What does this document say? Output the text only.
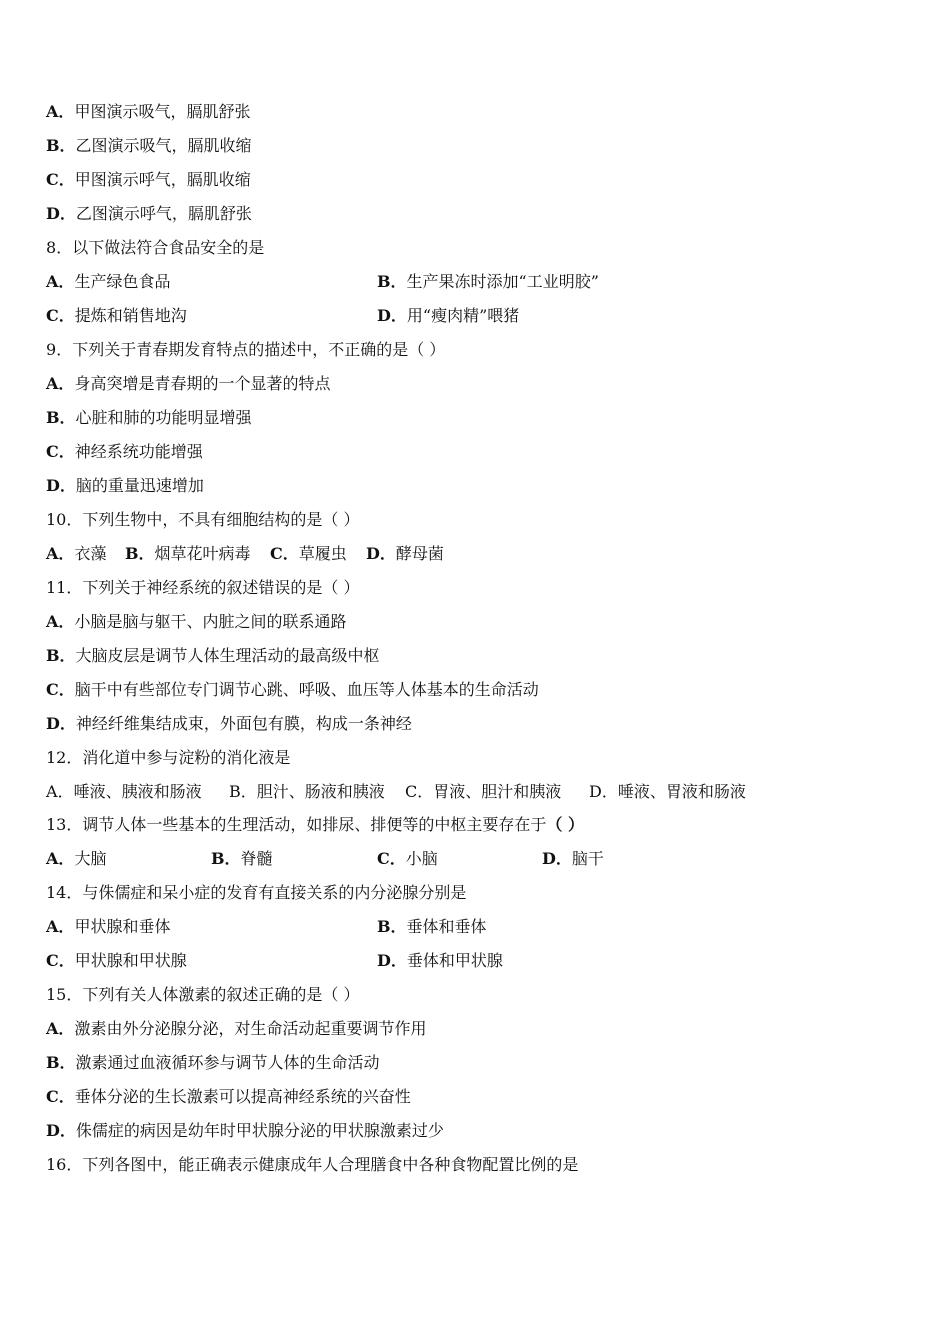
A．甲图演示吸气，膈肌舒张
B．乙图演示吸气，膈肌收缩
C．甲图演示呼气，膈肌收缩
D．乙图演示呼气，膈肌舒张
8．以下做法符合食品安全的是
A．生产绿色食品	B．生产果冻时添加“工业明胶”
C．提炼和销售地沟	D．用“瘦肉精”喂猪
9．下列关于青春期发育特点的描述中，不正确的是（ ）
A．身高突增是青春期的一个显著的特点
B．心脏和肺的功能明显增强
C．神经系统功能增强
D．脑的重量迅速增加
10．下列生物中，不具有细胞结构的是（ ）
A．衣藻 B．烟草花叶病毒 C．草履虫 D．酵母菌
11．下列关于神经系统的叙述错误的是（ ）
A．小脑是脑与躯干、内脏之间的联系通路
B．大脑皮层是调节人体生理活动的最高级中枢
C．脑干中有些部位专门调节心跳、呼吸、血压等人体基本的生命活动
D．神经纤维集结成束，外面包有膜，构成一条神经
12．消化道中参与淀粉的消化液是
A．唾液、胰液和肠液 B．胆汁、肠液和胰液 C．胃液、胆汁和胰液 D．唾液、胃液和肠液
13．调节人体一些基本的生理活动，如排尿、排便等的中枢主要存在于（ ）
A．大脑	B．脊髓	C．小脑	D．脑干
14．与侏儒症和呆小症的发育有直接关系的内分泌腺分别是
A．甲状腺和垂体	B．垂体和垂体
C．甲状腺和甲状腺	D．垂体和甲状腺
15．下列有关人体激素的叙述正确的是（ ）
A．激素由外分泌腺分泌，对生命活动起重要调节作用
B．激素通过血液循环参与调节人体的生命活动
C．垂体分泌的生长激素可以提高神经系统的兴奋性
D．侏儒症的病因是幼年时甲状腺分泌的甲状腺激素过少
16．下列各图中，能正确表示健康成年人合理膳食中各种食物配置比例的是
